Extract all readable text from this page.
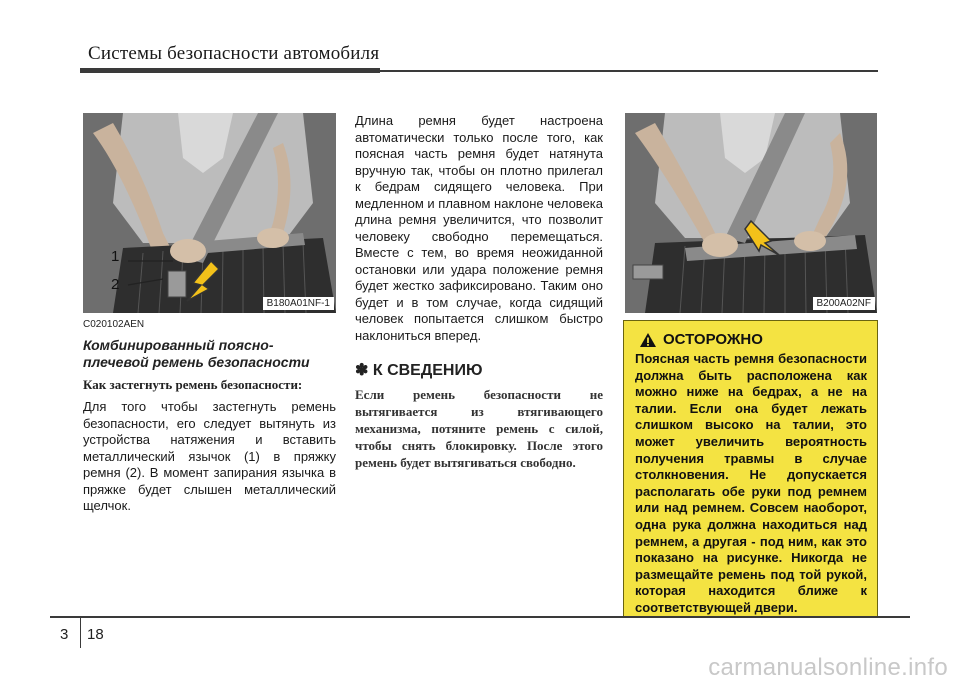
Системы безопасности автомобиля
1
2
B180A01NF-1	B200A02NF
C020102AEN
Комбинированный поясно-плечевой ремень безопасности
Как застегнуть ремень безопасности:
Для того чтобы застегнуть ремень безопасности, его следует вытянуть из устройства натяжения и вставить металлический язычок (1) в пряжку ремня (2). В момент запирания язычка в пряжке будет слышен металлический щелчок.
Длина ремня будет настроена автоматически только после того, как поясная часть ремня будет натянута вручную так, чтобы он плотно прилегал к бедрам сидящего человека. При медленном и плавном наклоне человека длина ремня увеличится, что позволит человеку свободно перемещаться. Вместе с тем, во время неожиданной остановки или удара положение ремня будет жестко зафиксировано. Таким оно будет и в том случае, когда сидящий человек попытается слишком быстро наклониться вперед.
✽ К СВЕДЕНИЮ
Если ремень безопасности не вытягивается из втягивающего механизма, потяните ремень с силой, чтобы снять блокировку. После этого ремень будет вытягиваться свободно.
ОСТОРОЖНО
Поясная часть ремня безопасности должна быть расположена как можно ниже на бедрах, а не на талии. Если она будет лежать слишком высоко на талии, это может увеличить вероятность получения травмы в случае столкновения. Не допускается располагать обе руки под ремнем или над ремнем. Совсем наоборот, одна рука должна находиться над ремнем, а другая - под ним, как это показано на рисунке. Никогда не размещайте ремень под той рукой, которая находится ближе к соответствующей двери.
3 18
carmanualsonline.info
